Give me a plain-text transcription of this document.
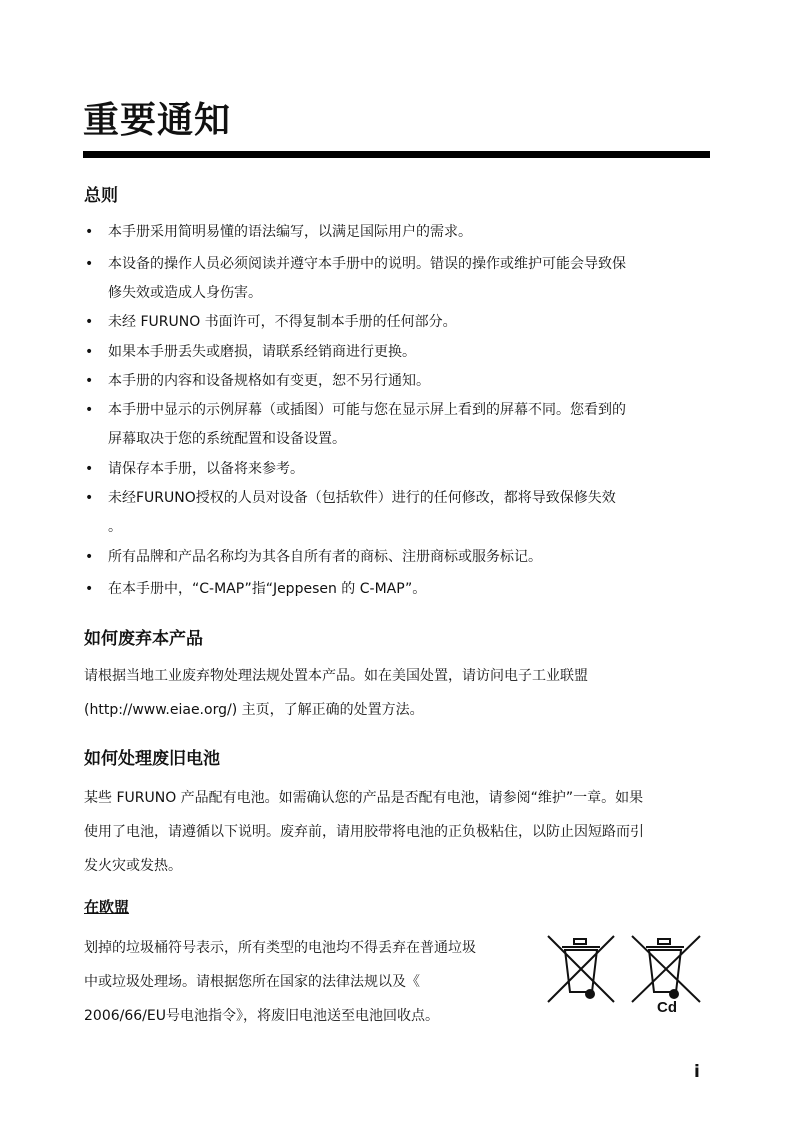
重要通知
总则
• 本手册采用简明易懂的语法编写，以满足国际用户的需求。
• 本设备的操作人员必须阅读并遵守本手册中的说明。错误的操作或维护可能会导致保
修失效或造成人身伤害。
• 未经 FURUNO 书面许可，不得复制本手册的任何部分。
• 如果本手册丢失或磨损，请联系经销商进行更换。
• 本手册的内容和设备规格如有变更，恕不另行通知。
• 本手册中显示的示例屏幕（或插图）可能与您在显示屏上看到的屏幕不同。您看到的
屏幕取决于您的系统配置和设备设置。
• 请保存本手册，以备将来参考。
• 未经FURUNO授权的人员对设备（包括软件）进行的任何修改，都将导致保修失效
。
• 所有品牌和产品名称均为其各自所有者的商标、注册商标或服务标记。
• 在本手册中，“C-MAP”指“Jeppesen 的 C-MAP”。
如何废弃本产品

请根据当地工业废弃物处理法规处置本产品。如在美国处置，请访问电子工业联盟
(http://www.eiae.org/) 主页，了解正确的处置方法。

如何处理废旧电池

某些 FURUNO 产品配有电池。如需确认您的产品是否配有电池，请参阅“维护”一章。如果
使用了电池，请遵循以下说明。废弃前，请用胶带将电池的正负极粘住，以防止因短路而引
发火灾或发热。

在欧盟

划掉的垃圾桶符号表示，所有类型的电池均不得丢弃在普通垃圾
中或垃圾处理场。请根据您所在国家的法律法规以及《
2006/66/EU号电池指令》，将废旧电池送至电池回收点。	Cd
i
